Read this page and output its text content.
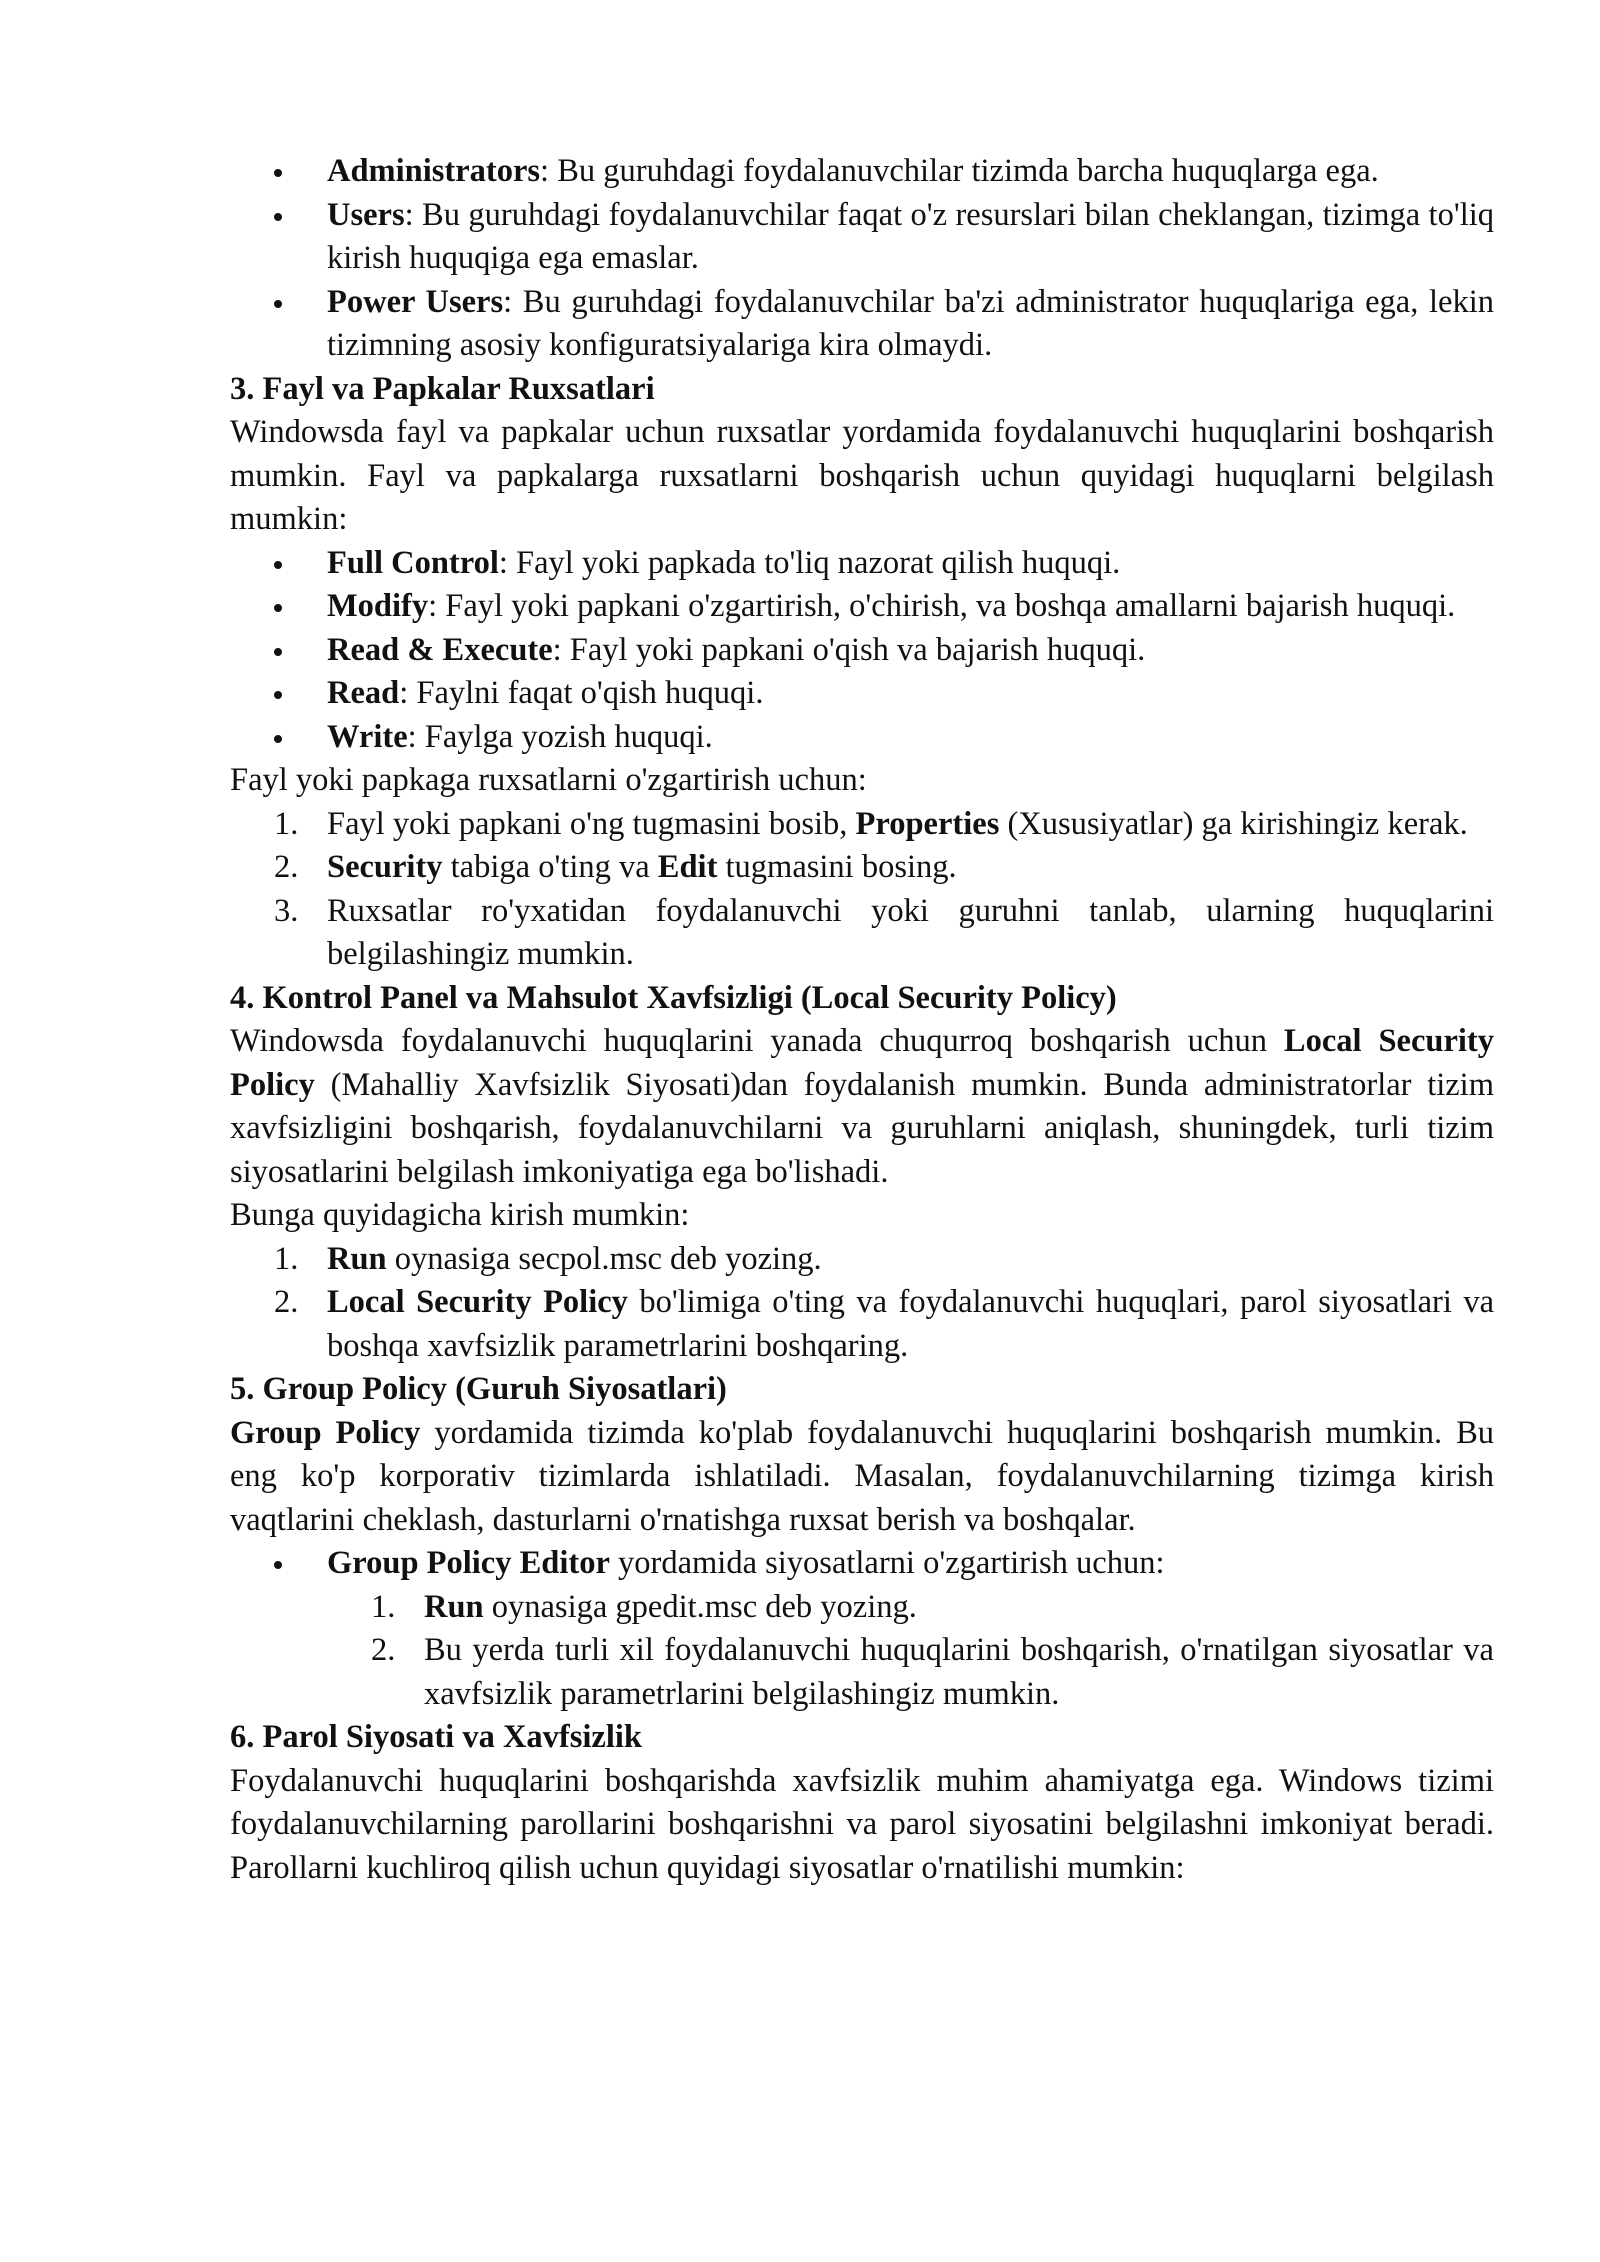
Administrators: Bu guruhdagi foydalanuvchilar tizimda barcha huquqlarga ega.
Users: Bu guruhdagi foydalanuvchilar faqat o'z resurslari bilan cheklangan, tizimga to'liq kirish huquqiga ega emaslar.
Power Users: Bu guruhdagi foydalanuvchilar ba'zi administrator huquqlariga ega, lekin tizimning asosiy konfiguratsiyalariga kira olmaydi.

3. Fayl va Papkalar Ruxsatlari

Windowsda fayl va papkalar uchun ruxsatlar yordamida foydalanuvchi huquqlarini boshqarish mumkin. Fayl va papkalarga ruxsatlarni boshqarish uchun quyidagi huquqlarni belgilash mumkin:

Full Control: Fayl yoki papkada to'liq nazorat qilish huquqi.
Modify: Fayl yoki papkani o'zgartirish, o'chirish, va boshqa amallarni bajarish huquqi.
Read & Execute: Fayl yoki papkani o'qish va bajarish huquqi.
Read: Faylni faqat o'qish huquqi.
Write: Faylga yozish huquqi.

Fayl yoki papkaga ruxsatlarni o'zgartirish uchun:

1. Fayl yoki papkani o'ng tugmasini bosib, Properties (Xususiyatlar) ga kirishingiz kerak.
2. Security tabiga o'ting va Edit tugmasini bosing.
3. Ruxsatlar ro'yxatidan foydalanuvchi yoki guruhni tanlab, ularning huquqlarini belgilashingiz mumkin.

4. Kontrol Panel va Mahsulot Xavfsizligi (Local Security Policy)

Windowsda foydalanuvchi huquqlarini yanada chuqurroq boshqarish uchun Local Security Policy (Mahalliy Xavfsizlik Siyosati)dan foydalanish mumkin. Bunda administratorlar tizim xavfsizligini boshqarish, foydalanuvchilarni va guruhlarni aniqlash, shuningdek, turli tizim siyosatlarini belgilash imkoniyatiga ega bo'lishadi.

Bunga quyidagicha kirish mumkin:

1. Run oynasiga secpol.msc deb yozing.
2. Local Security Policy bo'limiga o'ting va foydalanuvchi huquqlari, parol siyosatlari va boshqa xavfsizlik parametrlarini boshqaring.

5. Group Policy (Guruh Siyosatlari)

Group Policy yordamida tizimda ko'plab foydalanuvchi huquqlarini boshqarish mumkin. Bu eng ko'p korporativ tizimlarda ishlatiladi. Masalan, foydalanuvchilarning tizimga kirish vaqtlarini cheklash, dasturlarni o'rnatishga ruxsat berish va boshqalar.

Group Policy Editor yordamida siyosatlarni o'zgartirish uchun:
1. Run oynasiga gpedit.msc deb yozing.
2. Bu yerda turli xil foydalanuvchi huquqlarini boshqarish, o'rnatilgan siyosatlar va xavfsizlik parametrlarini belgilashingiz mumkin.

6. Parol Siyosati va Xavfsizlik

Foydalanuvchi huquqlarini boshqarishda xavfsizlik muhim ahamiyatga ega. Windows tizimi foydalanuvchilarning parollarini boshqarishni va parol siyosatini belgilashni imkoniyat beradi. Parollarni kuchliroq qilish uchun quyidagi siyosatlar o'rnatilishi mumkin:
